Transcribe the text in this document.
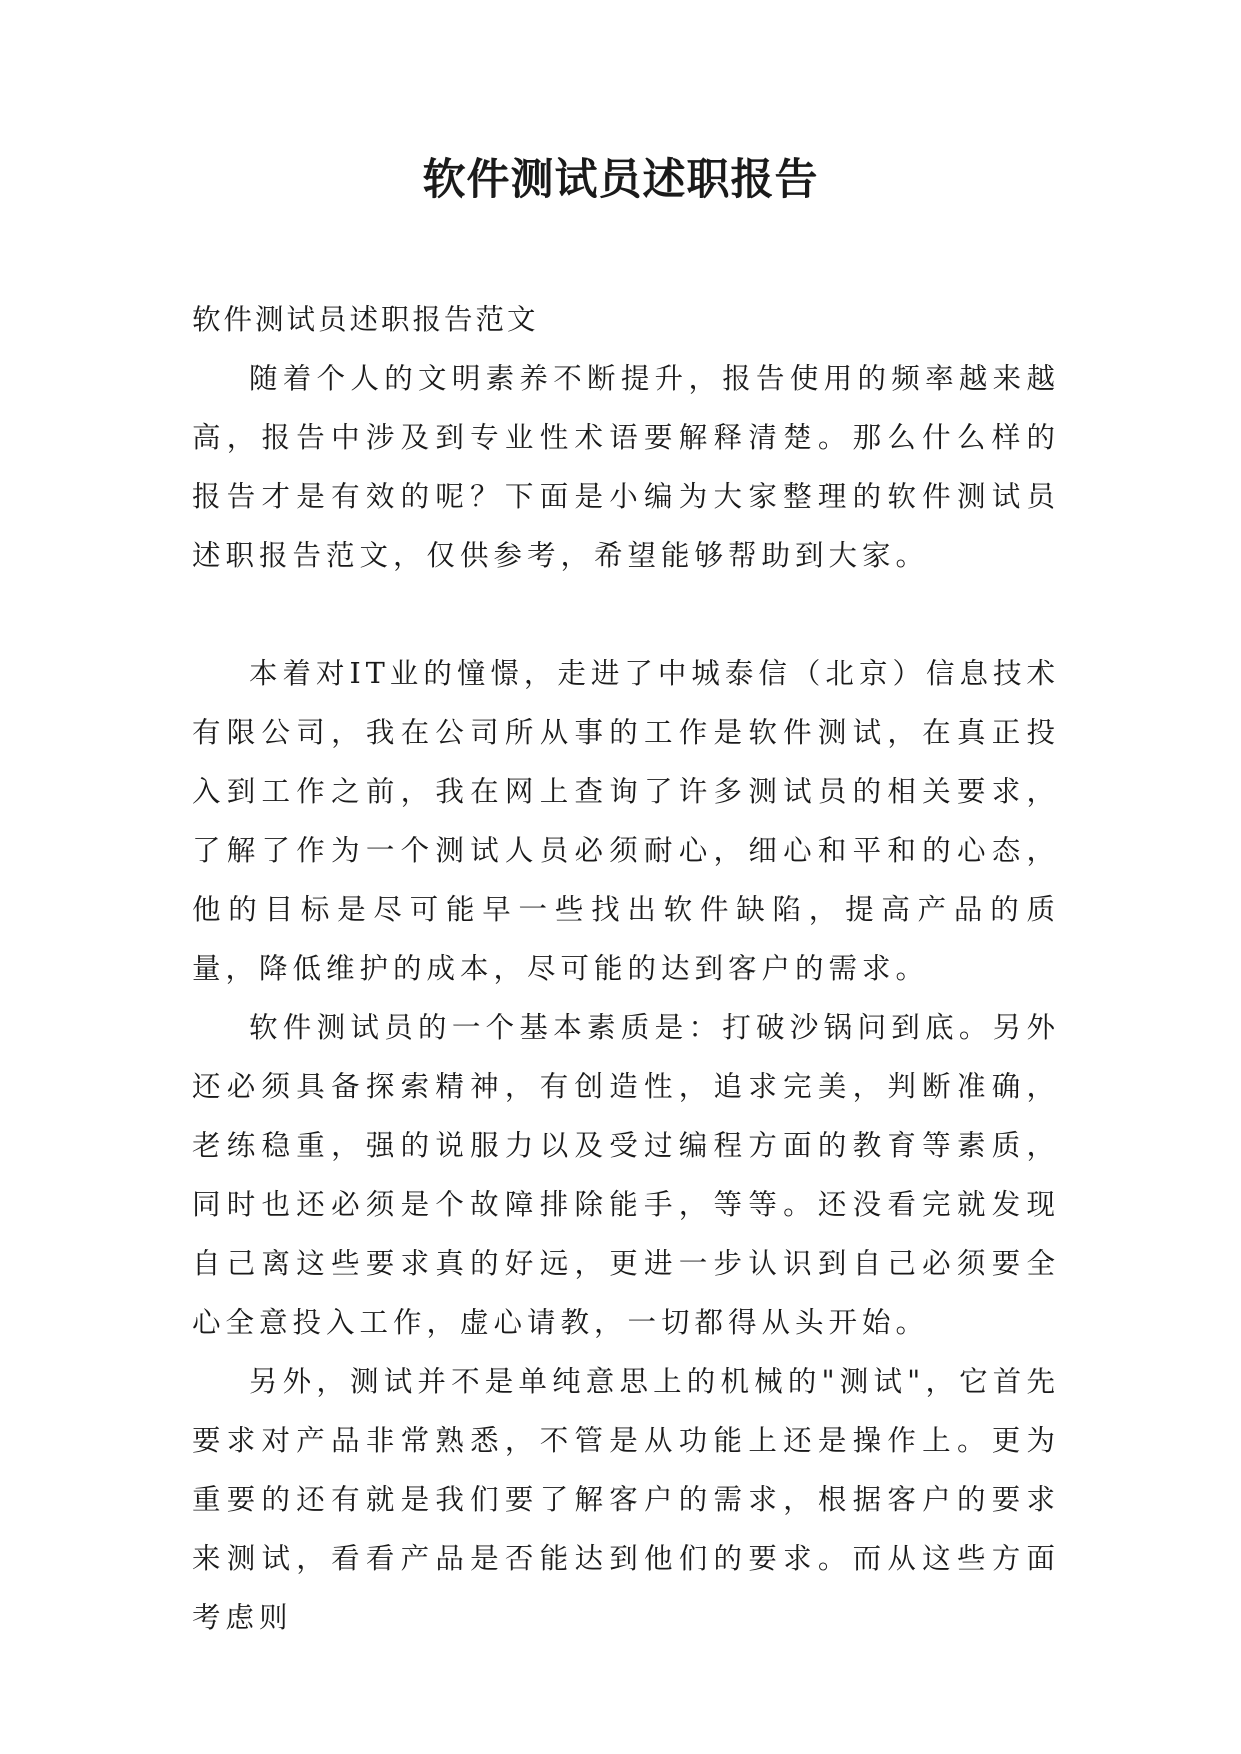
软件测试员述职报告

软件测试员述职报告范文

随着个人的文明素养不断提升，报告使用的频率越来越高，报告中涉及到专业性术语要解释清楚。那么什么样的报告才是有效的呢？下面是小编为大家整理的软件测试员述职报告范文，仅供参考，希望能够帮助到大家。

本着对IT业的憧憬，走进了中城泰信（北京）信息技术有限公司，我在公司所从事的工作是软件测试，在真正投入到工作之前，我在网上查询了许多测试员的相关要求，了解了作为一个测试人员必须耐心，细心和平和的心态，他的目标是尽可能早一些找出软件缺陷，提高产品的质量，降低维护的成本，尽可能的达到客户的需求。

软件测试员的一个基本素质是：打破沙锅问到底。另外还必须具备探索精神，有创造性，追求完美，判断准确，老练稳重，强的说服力以及受过编程方面的教育等素质，同时也还必须是个故障排除能手，等等。还没看完就发现自己离这些要求真的好远，更进一步认识到自己必须要全心全意投入工作，虚心请教，一切都得从头开始。

另外，测试并不是单纯意思上的机械的"测试"，它首先要求对产品非常熟悉，不管是从功能上还是操作上。更为重要的还有就是我们要了解客户的需求，根据客户的要求来测试，看看产品是否能达到他们的要求。而从这些方面考虑则
